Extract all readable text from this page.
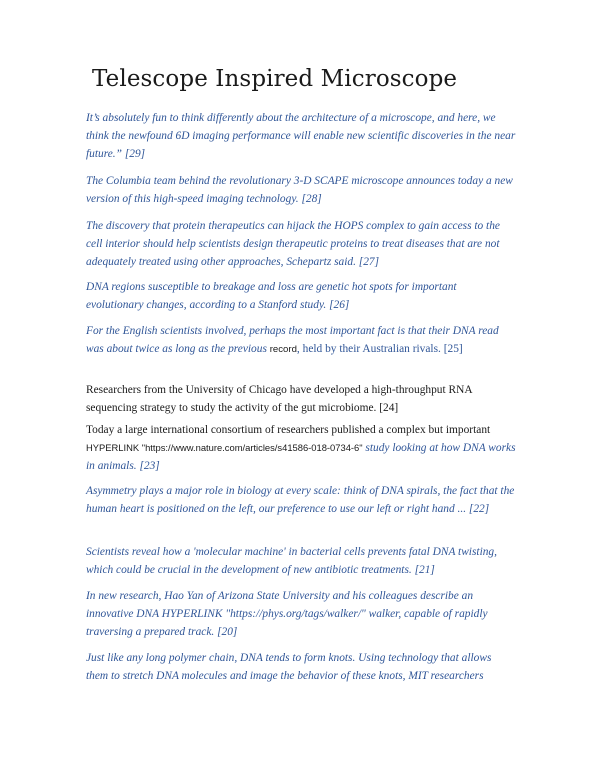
Telescope Inspired Microscope

It’s absolutely fun to think differently about the architecture of a microscope, and here, we think the newfound 6D imaging performance will enable new scientific discoveries in the near future.” [29]

The Columbia team behind the revolutionary 3-D SCAPE microscope announces today a new version of this high-speed imaging technology. [28]

The discovery that protein therapeutics can hijack the HOPS complex to gain access to the cell interior should help scientists design therapeutic proteins to treat diseases that are not adequately treated using other approaches, Schepartz said. [27]

DNA regions susceptible to breakage and loss are genetic hot spots for important evolutionary changes, according to a Stanford study. [26]

For the English scientists involved, perhaps the most important fact is that their DNA read was about twice as long as the previous record, held by their Australian rivals. [25]

Researchers from the University of Chicago have developed a high-throughput RNA sequencing strategy to study the activity of the gut microbiome. [24]

Today a large international consortium of researchers published a complex but important HYPERLINK "https://www.nature.com/articles/s41586-018-0734-6" study looking at how DNA works in animals. [23]

Asymmetry plays a major role in biology at every scale: think of DNA spirals, the fact that the human heart is positioned on the left, our preference to use our left or right hand ... [22]

Scientists reveal how a 'molecular machine' in bacterial cells prevents fatal DNA twisting, which could be crucial in the development of new antibiotic treatments. [21]

In new research, Hao Yan of Arizona State University and his colleagues describe an innovative DNA HYPERLINK "https://phys.org/tags/walker/" walker, capable of rapidly traversing a prepared track. [20]

Just like any long polymer chain, DNA tends to form knots. Using technology that allows them to stretch DNA molecules and image the behavior of these knots, MIT researchers
